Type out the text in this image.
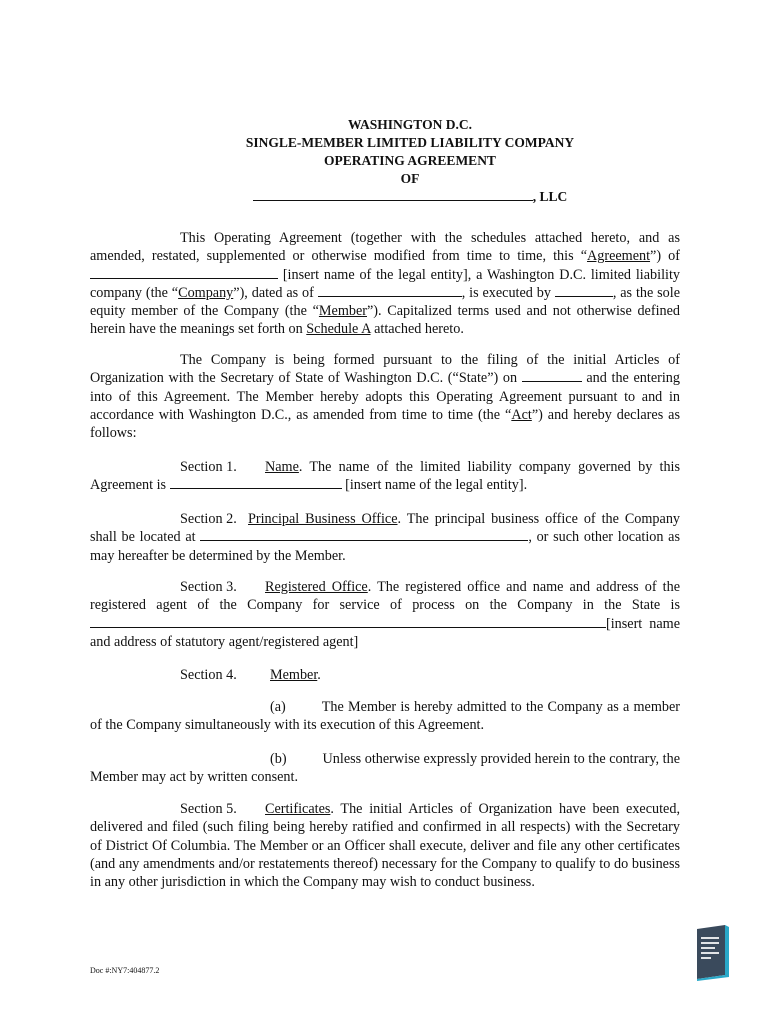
WASHINGTON D.C.
SINGLE-MEMBER LIMITED LIABILITY COMPANY
OPERATING AGREEMENT
OF
, LLC

This Operating Agreement (together with the schedules attached hereto, and as amended, restated, supplemented or otherwise modified from time to time, this “Agreement”) of  [insert name of the legal entity], a Washington D.C. limited liability company (the “Company”), dated as of	, is executed by	, as the sole equity member of the Company (the “Member”). Capitalized terms used and not otherwise defined herein have the meanings set forth on Schedule A attached hereto.

The Company is being formed pursuant to the filing of the initial Articles of Organization with the Secretary of State of Washington D.C. (“State”) on	and the entering into of this Agreement. The Member hereby adopts this Operating Agreement pursuant to and in accordance with Washington D.C., as amended from time to time (the “Act”) and hereby declares as follows:

Section 1. Name. The name of the limited liability company governed by this Agreement is	[insert name of the legal entity].

Section 2. Principal Business Office. The principal business office of the Company shall be located at	, or such other location as may hereafter be determined by the Member.

Section 3. Registered Office. The registered office and name and address of the registered agent of the Company for service of process on the Company in the State is [insert name and address of statutory agent/registered agent]

Section 4. Member.

(a)	The Member is hereby admitted to the Company as a member of the Company simultaneously with its execution of this Agreement.

(b)	Unless otherwise expressly provided herein to the contrary, the Member may act by written consent.

Section 5. Certificates. The initial Articles of Organization have been executed, delivered and filed (such filing being hereby ratified and confirmed in all respects) with the Secretary of District Of Columbia. The Member or an Officer shall execute, deliver and file any other certificates (and any amendments and/or restatements thereof) necessary for the Company to qualify to do business in any other jurisdiction in which the Company may wish to conduct business.

Doc #:NY7:404877.2
